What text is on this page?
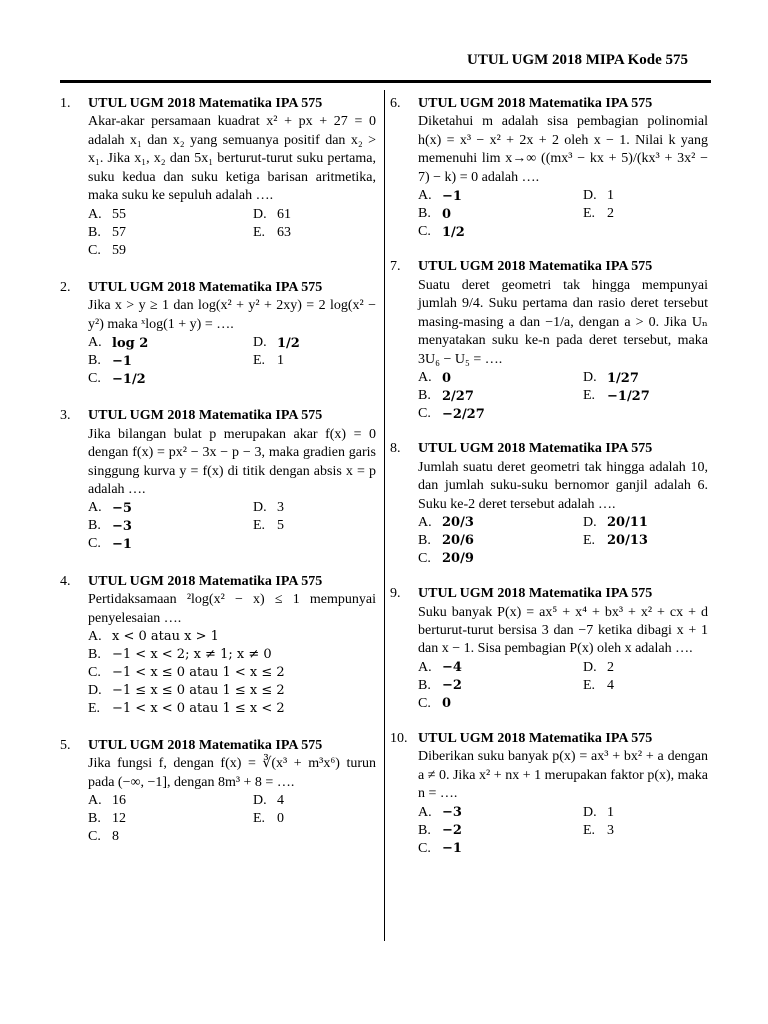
UTUL UGM 2018 MIPA Kode 575
1. UTUL UGM 2018 Matematika IPA 575
Akar-akar persamaan kuadrat x² + px + 27 = 0 adalah x₁ dan x₂ yang semuanya positif dan x₂ > x₁. Jika x₁, x₂ dan 5x₁ berturut-turut suku pertama, suku kedua dan suku ketiga barisan aritmetika, maka suku ke sepuluh adalah ….
A. 55	D. 61
B. 57	E. 63
C. 59
2. UTUL UGM 2018 Matematika IPA 575
Jika x > y ≥ 1 dan log(x² + y² + 2xy) = 2 log(x² − y²) maka ˣlog(1 + y) = ….
A. log 2	D. 1/2
B. −1	E. 1
C. −1/2
3. UTUL UGM 2018 Matematika IPA 575
Jika bilangan bulat p merupakan akar f(x) = 0 dengan f(x) = px² − 3x − p − 3, maka gradien garis singgung kurva y = f(x) di titik dengan absis x = p adalah ….
A. −5	D. 3
B. −3	E. 5
C. −1
4. UTUL UGM 2018 Matematika IPA 575
Pertidaksamaan ²log(x² − x) ≤ 1 mempunyai penyelesaian ….
A. x < 0 atau x > 1
B. −1 < x < 2; x ≠ 1; x ≠ 0
C. −1 < x ≤ 0 atau 1 < x ≤ 2
D. −1 ≤ x ≤ 0 atau 1 ≤ x ≤ 2
E. −1 < x < 0 atau 1 ≤ x < 2
5. UTUL UGM 2018 Matematika IPA 575
Jika fungsi f, dengan f(x) = ∛(x³ + m³x⁶) turun pada (−∞, −1], dengan 8m³ + 8 = ….
A. 16	D. 4
B. 12	E. 0
C. 8
6. UTUL UGM 2018 Matematika IPA 575
Diketahui m adalah sisa pembagian polinomial h(x) = x³ − x² + 2x + 2 oleh x − 1. Nilai k yang memenuhi lim x→∞ ((mx³ − kx + 5)/(kx³ + 3x² − 7) − k) = 0 adalah ….
A. −1	D. 1
B. 0	E. 2
C. 1/2
7. UTUL UGM 2018 Matematika IPA 575
Suatu deret geometri tak hingga mempunyai jumlah 9/4. Suku pertama dan rasio deret tersebut masing-masing a dan −1/a, dengan a > 0. Jika Uₙ menyatakan suku ke-n pada deret tersebut, maka 3U₆ − U₅ = ….
A. 0	D. 1/27
B. 2/27	E. −1/27
C. −2/27
8. UTUL UGM 2018 Matematika IPA 575
Jumlah suatu deret geometri tak hingga adalah 10, dan jumlah suku-suku bernomor ganjil adalah 6. Suku ke-2 deret tersebut adalah ….
A. 20/3	D. 20/11
B. 20/6	E. 20/13
C. 20/9
9. UTUL UGM 2018 Matematika IPA 575
Suku banyak P(x) = ax⁵ + x⁴ + bx³ + x² + cx + d berturut-turut bersisa 3 dan −7 ketika dibagi x + 1 dan x − 1. Sisa pembagian P(x) oleh x adalah ….
A. −4	D. 2
B. −2	E. 4
C. 0
10. UTUL UGM 2018 Matematika IPA 575
Diberikan suku banyak p(x) = ax³ + bx² + a dengan a ≠ 0. Jika x² + nx + 1 merupakan faktor p(x), maka n = ….
A. −3	D. 1
B. −2	E. 3
C. −1
